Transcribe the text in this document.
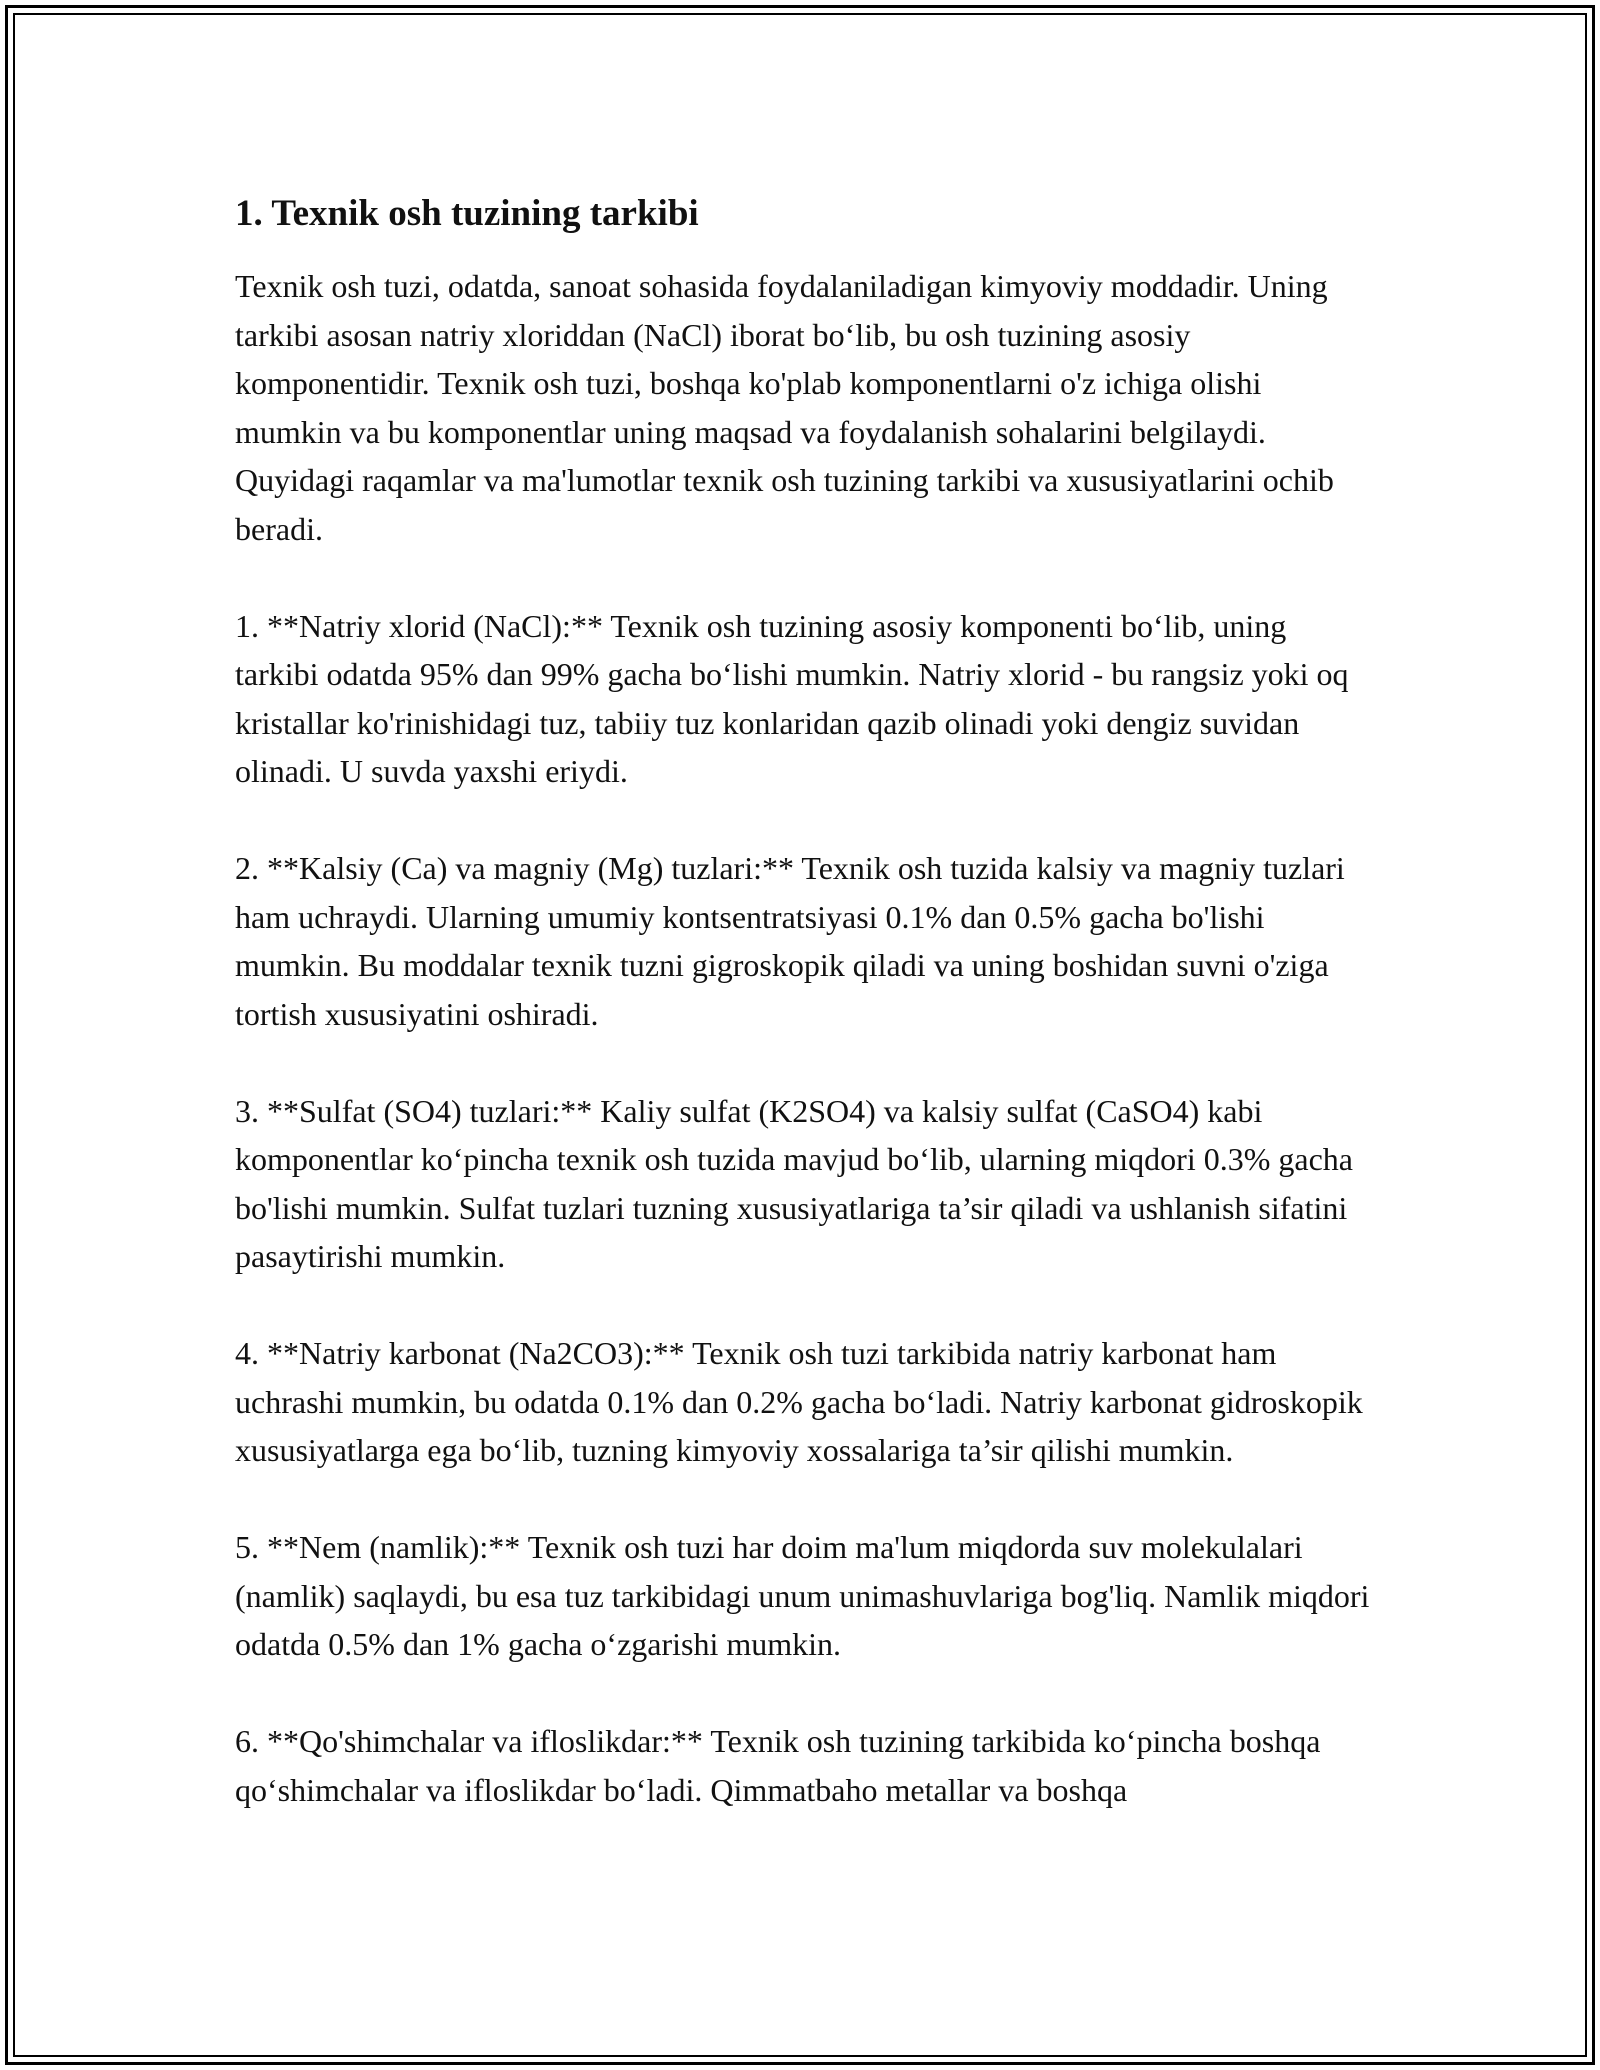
1. Texnik osh tuzining tarkibi

Texnik osh tuzi, odatda, sanoat sohasida foydalaniladigan kimyoviy moddadir. Uning tarkibi asosan natriy xloriddan (NaCl) iborat bo‘lib, bu osh tuzining asosiy komponentidir. Texnik osh tuzi, boshqa ko'plab komponentlarni o'z ichiga olishi mumkin va bu komponentlar uning maqsad va foydalanish sohalarini belgilaydi. Quyidagi raqamlar va ma'lumotlar texnik osh tuzining tarkibi va xususiyatlarini ochib beradi.

1. **Natriy xlorid (NaCl):** Texnik osh tuzining asosiy komponenti bo‘lib, uning tarkibi odatda 95% dan 99% gacha bo‘lishi mumkin. Natriy xlorid - bu rangsiz yoki oq kristallar ko'rinishidagi tuz, tabiiy tuz konlaridan qazib olinadi yoki dengiz suvidan olinadi. U suvda yaxshi eriydi.

2. **Kalsiy (Ca) va magniy (Mg) tuzlari:** Texnik osh tuzida kalsiy va magniy tuzlari ham uchraydi. Ularning umumiy kontsentratsiyasi 0.1% dan 0.5% gacha bo'lishi mumkin. Bu moddalar texnik tuzni gigroskopik qiladi va uning boshidan suvni o'ziga tortish xususiyatini oshiradi.

3. **Sulfat (SO4) tuzlari:** Kaliy sulfat (K2SO4) va kalsiy sulfat (CaSO4) kabi komponentlar ko‘pincha texnik osh tuzida mavjud bo‘lib, ularning miqdori 0.3% gacha bo'lishi mumkin. Sulfat tuzlari tuzning xususiyatlariga ta’sir qiladi va ushlanish sifatini pasaytirishi mumkin.

4. **Natriy karbonat (Na2CO3):** Texnik osh tuzi tarkibida natriy karbonat ham uchrashi mumkin, bu odatda 0.1% dan 0.2% gacha bo‘ladi. Natriy karbonat gidroskopik xususiyatlarga ega bo‘lib, tuzning kimyoviy xossalariga ta’sir qilishi mumkin.

5. **Nem (namlik):** Texnik osh tuzi har doim ma'lum miqdorda suv molekulalari (namlik) saqlaydi, bu esa tuz tarkibidagi unum unimashuvlariga bog'liq. Namlik miqdori odatda 0.5% dan 1% gacha o‘zgarishi mumkin.

6. **Qo'shimchalar va ifloslikdar:** Texnik osh tuzining tarkibida ko‘pincha boshqa qo‘shimchalar va ifloslikdar bo‘ladi. Qimmatbaho metallar va boshqa
